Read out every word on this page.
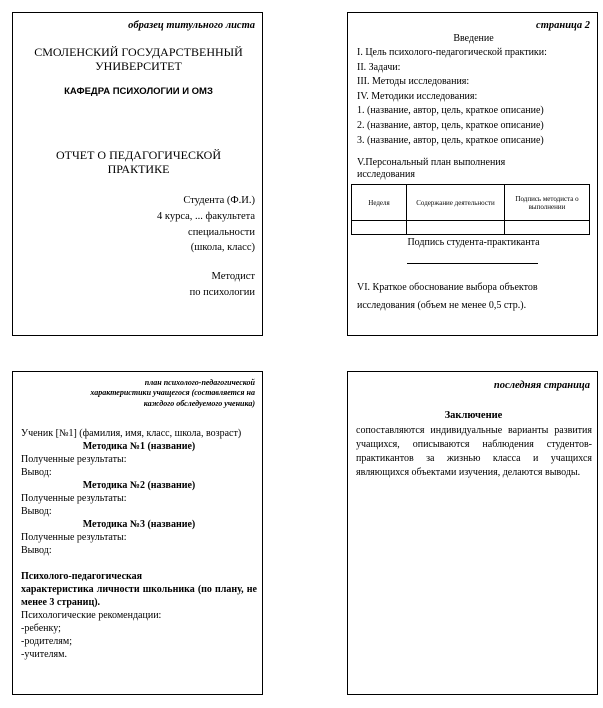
образец титульного листа
СМОЛЕНСКИЙ ГОСУДАРСТВЕННЫЙ
УНИВЕРСИТЕТ
КАФЕДРА ПСИХОЛОГИИ И ОМЗ
ОТЧЕТ О ПЕДАГОГИЧЕСКОЙ
ПРАКТИКЕ
Студента (Ф.И.)
4 курса, ... факультета
специальности
(школа, класс)
Методист
по психологии
страница 2
Введение
I. Цель психолого-педагогической практики:
II. Задачи:
III. Методы исследования:
IV. Методики исследования:
1. (название, автор, цель, краткое описание)
2. (название, автор, цель, краткое описание)
3. (название, автор, цель, краткое описание)
V.Персональный план выполнения
исследования
Неделя	Содержание деятельности	Подпись методиста о выполнении

Подпись студента-практиканта
VI. Краткое обоснование выбора объектов
исследования (объем не менее 0,5 стр.).
план психолого-педагогической
характеристики учащегося (составляется на
каждого обследуемого ученика)
Ученик [№1] (фамилия, имя, класс, школа, возраст)
Методика №1 (название)
Полученные результаты:
Вывод:
Методика №2 (название)
Полученные результаты:
Вывод:
Методика №3 (название)
Полученные результаты:
Вывод:
Психолого-педагогическая
характеристика личности школьника (по плану, не менее 3 страниц).
Психологические рекомендации:
-ребенку;
-родителям;
-учителям.
последняя страница
Заключение
сопоставляются индивидуальные варианты развития учащихся, описываются наблюдения студентов-практикантов за жизнью класса и учащихся являющихся объектами изучения, делаются выводы.
